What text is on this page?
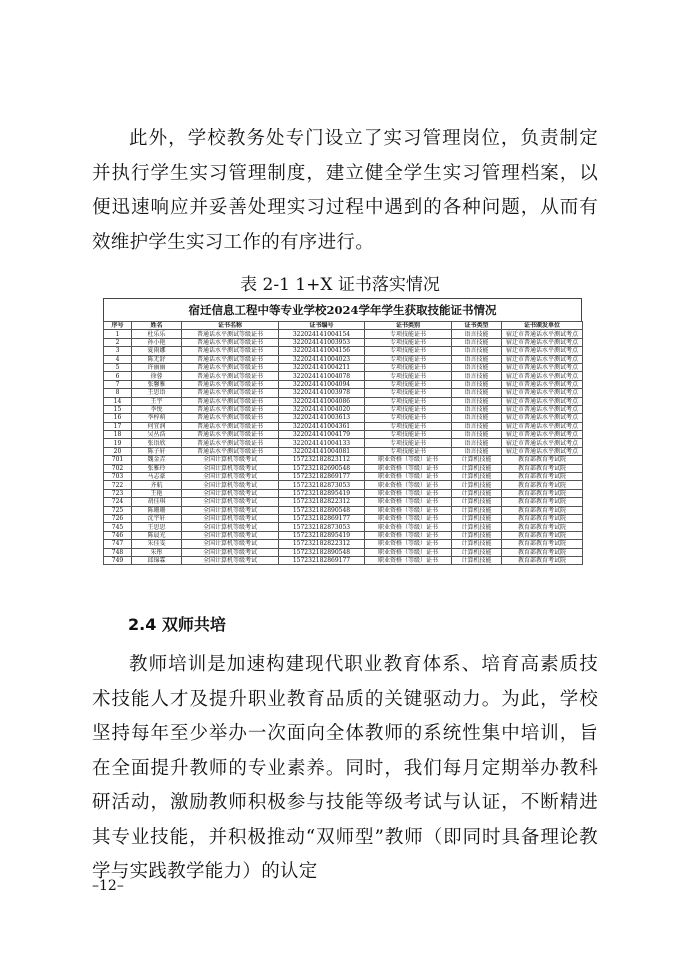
此外，学校教务处专门设立了实习管理岗位，负责制定并执行学生实习管理制度，建立健全学生实习管理档案，以便迅速响应并妥善处理实习过程中遇到的各种问题，从而有效维护学生实习工作的有序进行。

表 2-1 1+X 证书落实情况
宿迁信息工程中等专业学校2024学年学生获取技能证书情况
序号	姓名	证书名称	证书编号	证书类别	证书类型	证书颁发单位
1	杜乐乐	普通话水平测试等级证书	322024141004154	专项技能证书	语言技能	宿迁市普通话水平测试考点
2	孙小艳	普通话水平测试等级证书	322024141003953	专项技能证书	语言技能	宿迁市普通话水平测试考点
3	夏雨娜	普通话水平测试等级证书	322024141004156	专项技能证书	语言技能	宿迁市普通话水平测试考点
4	陈无舒	普通话水平测试等级证书	322024141004023	专项技能证书	语言技能	宿迁市普通话水平测试考点
5	许丽丽	普通话水平测试等级证书	322024141004211	专项技能证书	语言技能	宿迁市普通话水平测试考点
6	徐蓉	普通话水平测试等级证书	322024141004078	专项技能证书	语言技能	宿迁市普通话水平测试考点
7	张馨雅	普通话水平测试等级证书	322024141004094	专项技能证书	语言技能	宿迁市普通话水平测试考点
8	王思语	普通话水平测试等级证书	322024141003978	专项技能证书	语言技能	宿迁市普通话水平测试考点
14	王宇	普通话水平测试等级证书	322024141004086	专项技能证书	语言技能	宿迁市普通话水平测试考点
15	李悦	普通话水平测试等级证书	322024141004020	专项技能证书	语言技能	宿迁市普通话水平测试考点
16	李梓萌	普通话水平测试等级证书	322024141003613	专项技能证书	语言技能	宿迁市普通话水平测试考点
17	何宜润	普通话水平测试等级证书	322024141004361	专项技能证书	语言技能	宿迁市普通话水平测试考点
18	吴丛浩	普通话水平测试等级证书	322024141004179	专项技能证书	语言技能	宿迁市普通话水平测试考点
19	张语欣	普通话水平测试等级证书	322024141004133	专项技能证书	语言技能	宿迁市普通话水平测试考点
20	陈子轩	普通话水平测试等级证书	322024141004081	专项技能证书	语言技能	宿迁市普通话水平测试考点
701	魏金垚	全国计算机等级考试	157232182823112	职业资格（等级）证书	计算机技能	教育部教育考试院
702	张雅玲	全国计算机等级考试	157232182690548	职业资格（等级）证书	计算机技能	教育部教育考试院
703	马志豪	全国计算机等级考试	157232182869177	职业资格（等级）证书	计算机技能	教育部教育考试院
722	齐航	全国计算机等级考试	157232182873053	职业资格（等级）证书	计算机技能	教育部教育考试院
723	王艳	全国计算机等级考试	157232182895419	职业资格（等级）证书	计算机技能	教育部教育考试院
724	胡佳琪	全国计算机等级考试	157232182822312	职业资格（等级）证书	计算机技能	教育部教育考试院
725	陈珊珊	全国计算机等级考试	157232182890548	职业资格（等级）证书	计算机技能	教育部教育考试院
726	沈宇轩	全国计算机等级考试	157232182869177	职业资格（等级）证书	计算机技能	教育部教育考试院
745	王思思	全国计算机等级考试	157232182873053	职业资格（等级）证书	计算机技能	教育部教育考试院
746	陈晨光	全国计算机等级考试	157232182895419	职业资格（等级）证书	计算机技能	教育部教育考试院
747	朱佳雯	全国计算机等级考试	157232182822312	职业资格（等级）证书	计算机技能	教育部教育考试院
748	朱彤	全国计算机等级考试	157232182890548	职业资格（等级）证书	计算机技能	教育部教育考试院
749	邱锦霖	全国计算机等级考试	157232182869177	职业资格（等级）证书	计算机技能	教育部教育考试院
2.4 双师共培

教师培训是加速构建现代职业教育体系、培育高素质技术技能人才及提升职业教育品质的关键驱动力。为此，学校坚持每年至少举办一次面向全体教师的系统性集中培训，旨在全面提升教师的专业素养。同时，我们每月定期举办教科研活动，激励教师积极参与技能等级考试与认证，不断精进其专业技能，并积极推动“双师型”教师（即同时具备理论教学与实践教学能力）的认定

–12–
